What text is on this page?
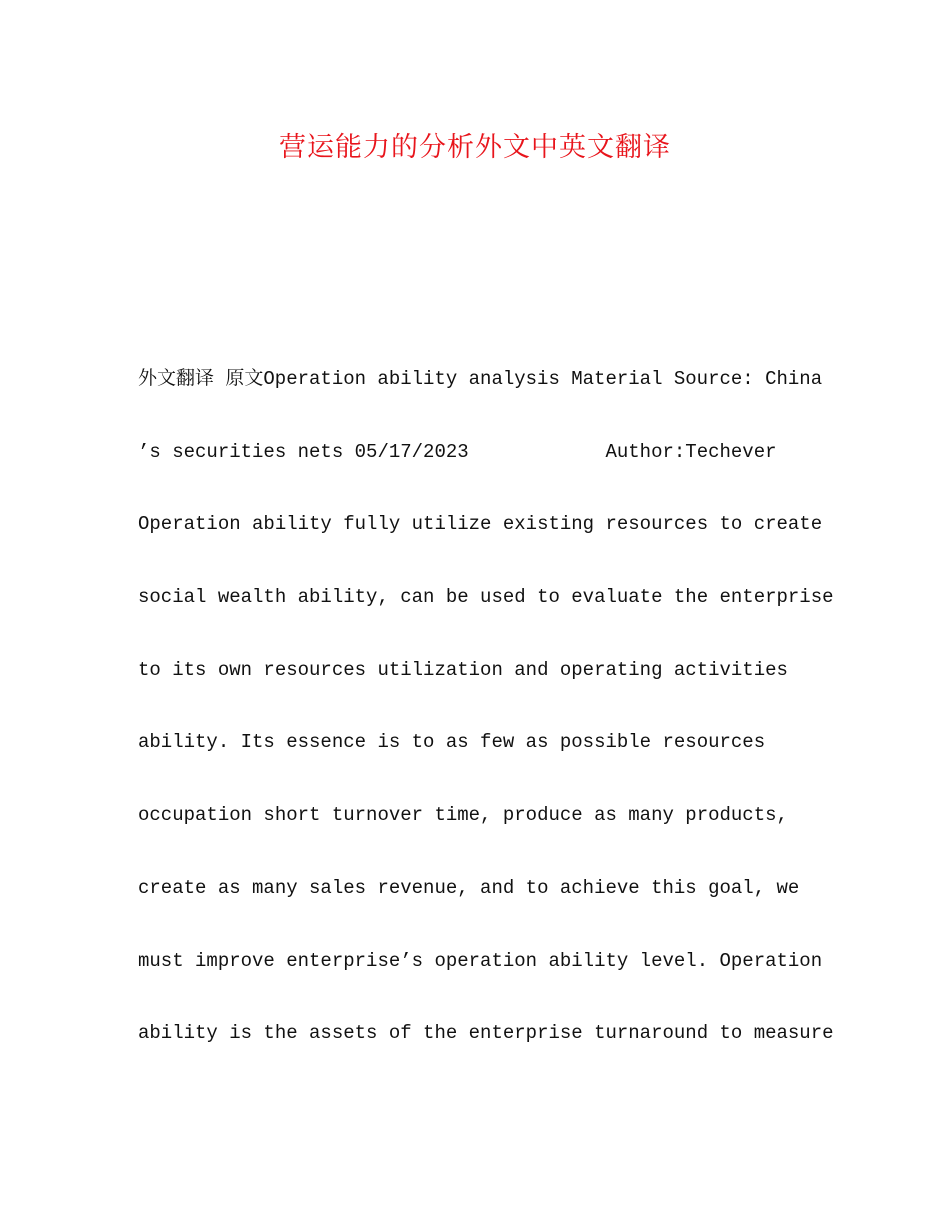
营运能力的分析外文中英文翻译
外文翻译 原文Operation ability analysis Material Source: China
’s securities nets 05/17/2023            Author:Techever
Operation ability fully utilize existing resources to create
social wealth ability, can be used to evaluate the enterprise
to its own resources utilization and operating activities
ability. Its essence is to as few as possible resources
occupation short turnover time, produce as many products,
create as many sales revenue, and to achieve this goal, we
must improve enterprise’s operation ability level. Operation
ability is the assets of the enterprise turnaround to measure
